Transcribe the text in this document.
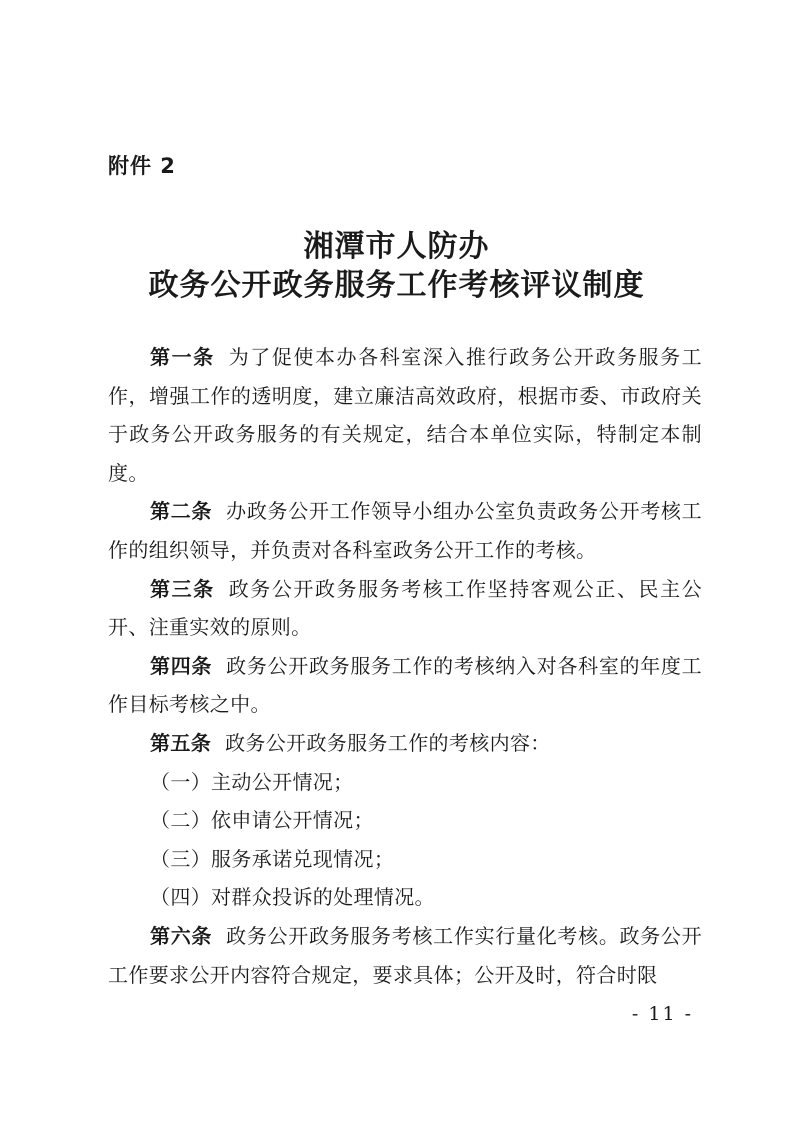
附件 2
湘潭市人防办
政务公开政务服务工作考核评议制度

第一条 为了促使本办各科室深入推行政务公开政务服务工作，增强工作的透明度，建立廉洁高效政府，根据市委、市政府关于政务公开政务服务的有关规定，结合本单位实际，特制定本制度。

第二条 办政务公开工作领导小组办公室负责政务公开考核工作的组织领导，并负责对各科室政务公开工作的考核。

第三条 政务公开政务服务考核工作坚持客观公正、民主公开、注重实效的原则。

第四条 政务公开政务服务工作的考核纳入对各科室的年度工作目标考核之中。

第五条 政务公开政务服务工作的考核内容：

（一）主动公开情况；

（二）依申请公开情况；

（三）服务承诺兑现情况；

（四）对群众投诉的处理情况。

第六条 政务公开政务服务考核工作实行量化考核。政务公开工作要求公开内容符合规定，要求具体；公开及时，符合时限

- 11 -
